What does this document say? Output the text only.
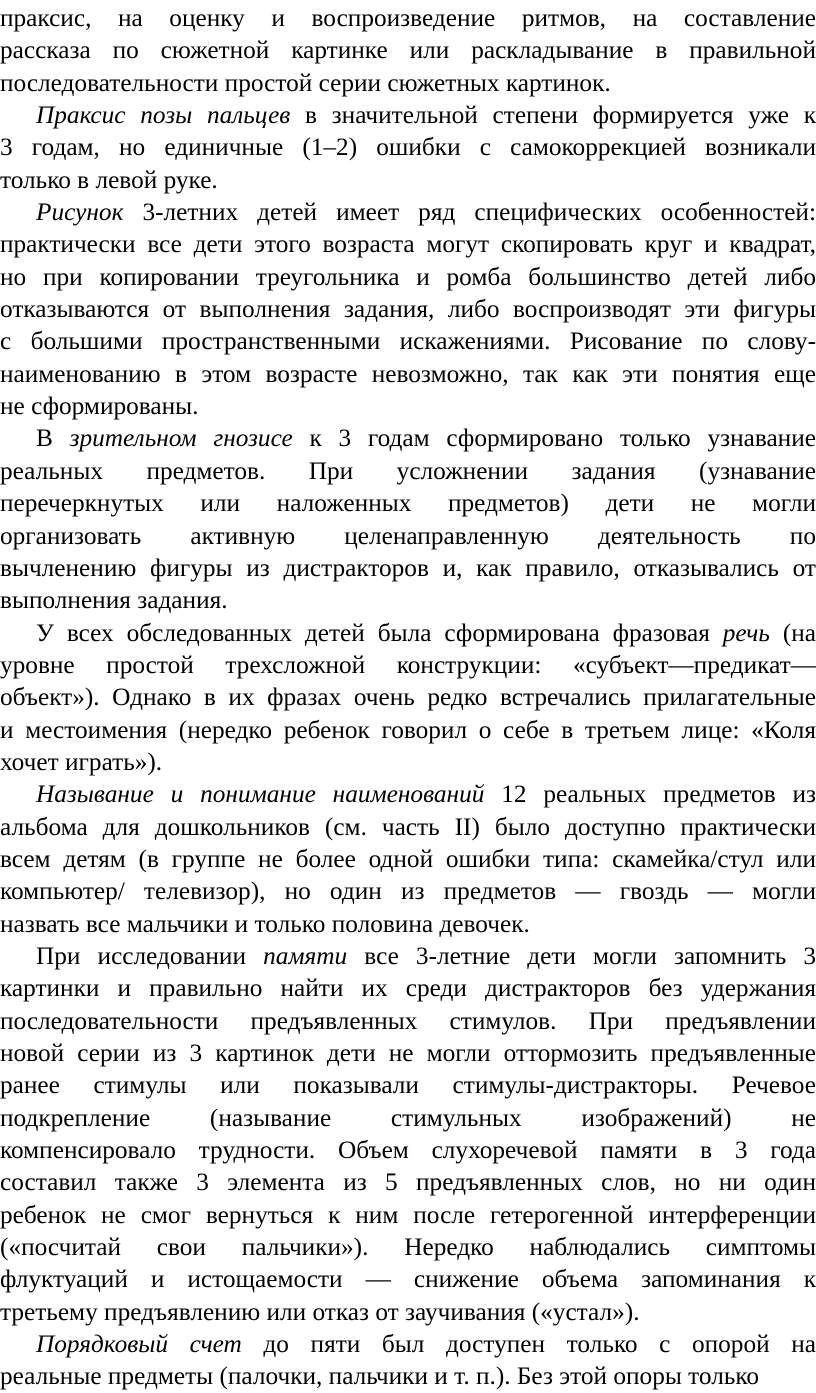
праксис, на оценку и воспроизведение ритмов, на составление
рассказа по сюжетной картинке или раскладывание в правильной
последовательности простой серии сюжетных картинок.
Праксис позы пальцев в значительной степени формируется уже к
3 годам, но единичные (1–2) ошибки с самокоррекцией возникали
только в левой руке.
Рисунок 3-летних детей имеет ряд специфических особенностей:
практически все дети этого возраста могут скопировать круг и квадрат,
но при копировании треугольника и ромба большинство детей либо
отказываются от выполнения задания, либо воспроизводят эти фигуры
с большими пространственными искажениями. Рисование по слову-
наименованию в этом возрасте невозможно, так как эти понятия еще
не сформированы.
В зрительном гнозисе к 3 годам сформировано только узнавание
реальных предметов. При усложнении задания (узнавание
перечеркнутых или наложенных предметов) дети не могли
организовать активную целенаправленную деятельность по
вычленению фигуры из дистракторов и, как правило, отказывались от
выполнения задания.
У всех обследованных детей была сформирована фразовая речь (на
уровне простой трехсложной конструкции: «субъект—предикат—
объект»). Однако в их фразах очень редко встречались прилагательные
и местоимения (нередко ребенок говорил о себе в третьем лице: «Коля
хочет играть»).
Называние и понимание наименований 12 реальных предметов из
альбома для дошкольников (см. часть II) было доступно практически
всем детям (в группе не более одной ошибки типа: скамейка/стул или
компьютер/ телевизор), но один из предметов — гвоздь — могли
назвать все мальчики и только половина девочек.
При исследовании памяти все 3-летние дети могли запомнить 3
картинки и правильно найти их среди дистракторов без удержания
последовательности предъявленных стимулов. При предъявлении
новой серии из 3 картинок дети не могли оттормозить предъявленные
ранее стимулы или показывали стимулы-дистракторы. Речевое
подкрепление (называние стимульных изображений) не
компенсировало трудности. Объем слухоречевой памяти в 3 года
составил также 3 элемента из 5 предъявленных слов, но ни один
ребенок не смог вернуться к ним после гетерогенной интерференции
(«посчитай свои пальчики»). Нередко наблюдались симптомы
флуктуаций и истощаемости — снижение объема запоминания к
третьему предъявлению или отказ от заучивания («устал»).
Порядковый счет до пяти был доступен только с опорой на
реальные предметы (палочки, пальчики и т. п.). Без этой опоры только
